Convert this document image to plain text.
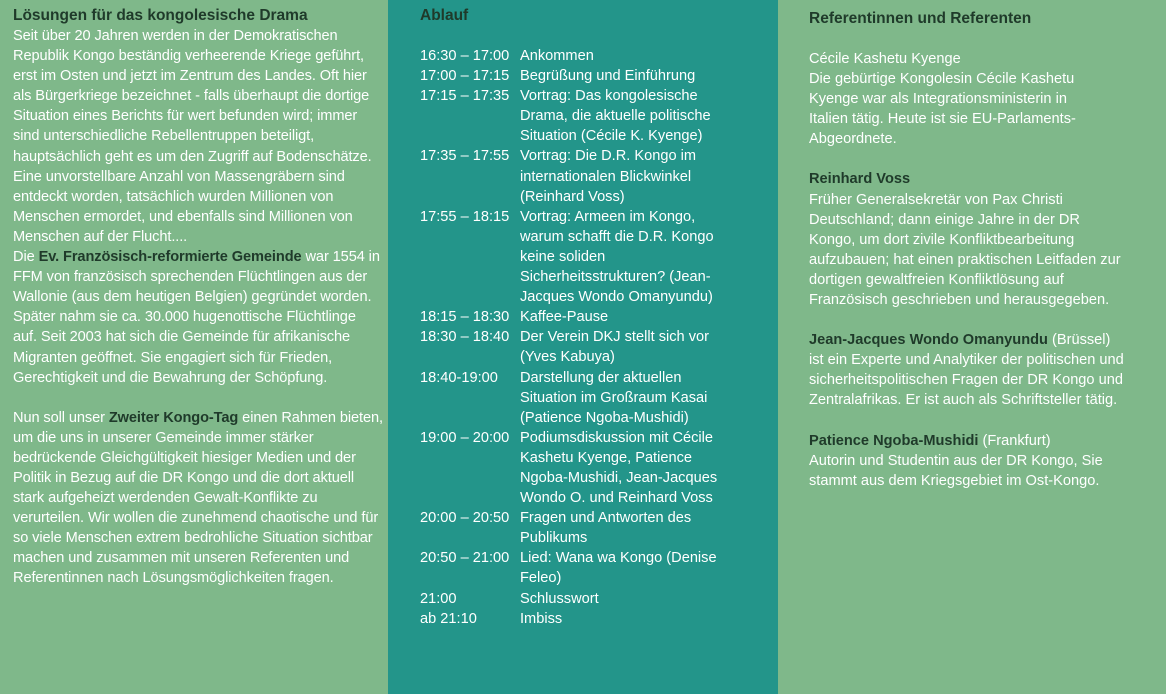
Lösungen für das kongolesische Drama

Seit über 20 Jahren werden in der Demokratischen Republik Kongo beständig verheerende Kriege geführt, erst im Osten und jetzt im Zentrum des Landes. Oft hier als Bürgerkriege bezeichnet - falls überhaupt die dortige Situation eines Berichts für wert befunden wird; immer sind unterschiedliche Rebellentruppen beteiligt, hauptsächlich geht es um den Zugriff auf Bodenschätze. Eine unvorstellbare Anzahl von Massengräbern sind entdeckt worden, tatsächlich wurden Millionen von Menschen ermordet, und ebenfalls sind Millionen von Menschen auf der Flucht....

Die Ev. Französisch-reformierte Gemeinde war 1554 in FFM von französisch sprechenden Flüchtlingen aus der Wallonie (aus dem heutigen Belgien) gegründet worden. Später nahm sie ca. 30.000 hugenottische Flüchtlinge auf. Seit 2003 hat sich die Gemeinde für afrikanische Migranten geöffnet. Sie engagiert sich für Frieden, Gerechtigkeit und die Bewahrung der Schöpfung.

Nun soll unser Zweiter Kongo-Tag einen Rahmen bieten, um die uns in unserer Gemeinde immer stärker bedrückende Gleichgültigkeit hiesiger Medien und der Politik in Bezug auf die DR Kongo und die dort aktuell stark aufgeheizt werdenden Gewalt-Konflikte zu verurteilen. Wir wollen die zunehmend chaotische und für so viele Menschen extrem bedrohliche Situation sichtbar machen und zusammen mit unseren Referenten und Referentinnen nach Lösungsmöglichkeiten fragen.

Ablauf
16:30 – 17:00 Ankommen
17:00 – 17:15 Begrüßung und Einführung
17:15 – 17:35 Vortrag: Das kongolesische Drama, die aktuelle politische Situation (Cécile K. Kyenge)
17:35 – 17:55 Vortrag: Die D.R. Kongo im internationalen Blickwinkel (Reinhard Voss)
17:55 – 18:15 Vortrag: Armeen im Kongo, warum schafft die D.R. Kongo keine soliden Sicherheitsstrukturen? (Jean-Jacques Wondo Omanyundu)
18:15 – 18:30 Kaffee-Pause
18:30 – 18:40 Der Verein DKJ stellt sich vor (Yves Kabuya)
18:40-19:00	Darstellung der aktuellen Situation im Großraum Kasai (Patience Ngoba-Mushidi)
19:00 – 20:00 Podiumsdiskussion mit Cécile Kashetu Kyenge, Patience Ngoba-Mushidi, Jean-Jacques Wondo O. und Reinhard Voss
20:00 – 20:50 Fragen und Antworten des Publikums
20:50 – 21:00 Lied: Wana wa Kongo (Denise Feleo)
21:00	Schlusswort
ab 21:10	Imbiss
Referentinnen und Referenten
Cécile Kashetu Kyenge
Die gebürtige Kongolesin Cécile Kashetu Kyenge war als Integrationsministerin in Italien tätig. Heute ist sie EU-Parlaments-Abgeordnete.
Reinhard Voss
Früher Generalsekretär von Pax Christi Deutschland; dann einige Jahre in der DR Kongo, um dort zivile Konfliktbearbeitung aufzubauen; hat einen praktischen Leitfaden zur dortigen gewaltfreien Konfliktlösung auf Französisch geschrieben und herausgegeben.
Jean-Jacques Wondo Omanyundu (Brüssel)
ist ein Experte und Analytiker der politischen und sicherheitspolitischen Fragen der DR Kongo und Zentralafrikas. Er ist auch als Schriftsteller tätig.
Patience Ngoba-Mushidi (Frankfurt)
Autorin und Studentin aus der DR Kongo, Sie stammt aus dem Kriegsgebiet im Ost-Kongo.
